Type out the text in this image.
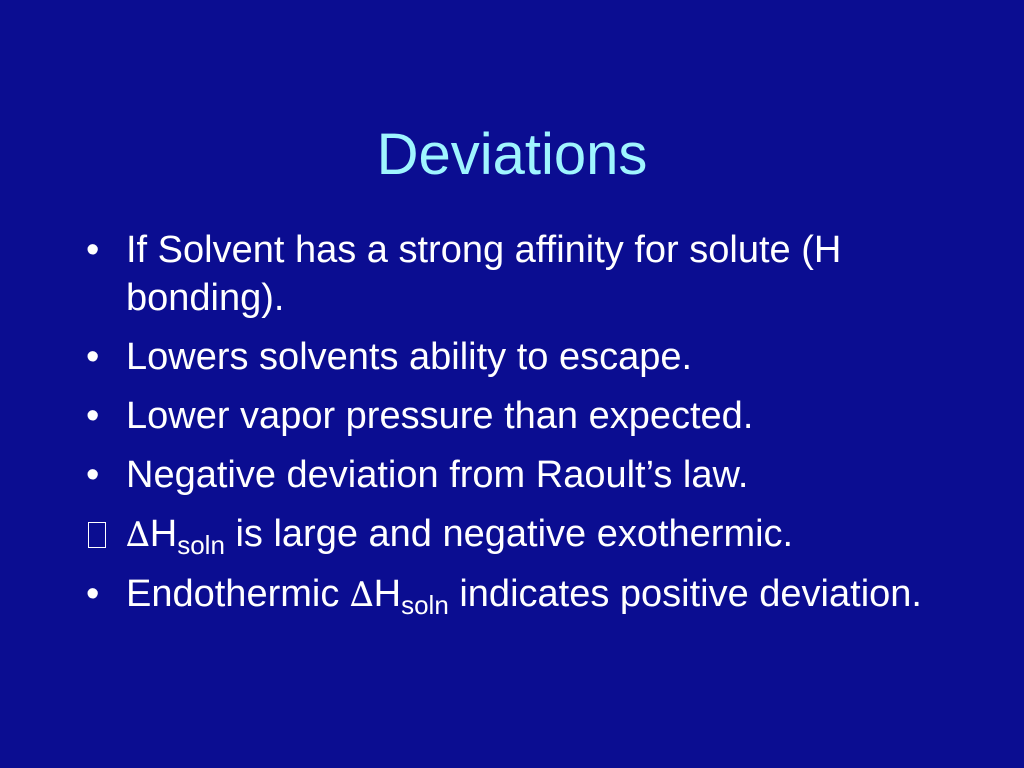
Deviations
• If Solvent has a strong affinity for solute (H bonding).
• Lowers solvents ability to escape.
• Lower vapor pressure than expected.
• Negative deviation from Raoult’s law.
$\Delta H_{soln}$ is large and negative exothermic.
• Endothermic $\Delta H_{soln}$ indicates positive deviation.
